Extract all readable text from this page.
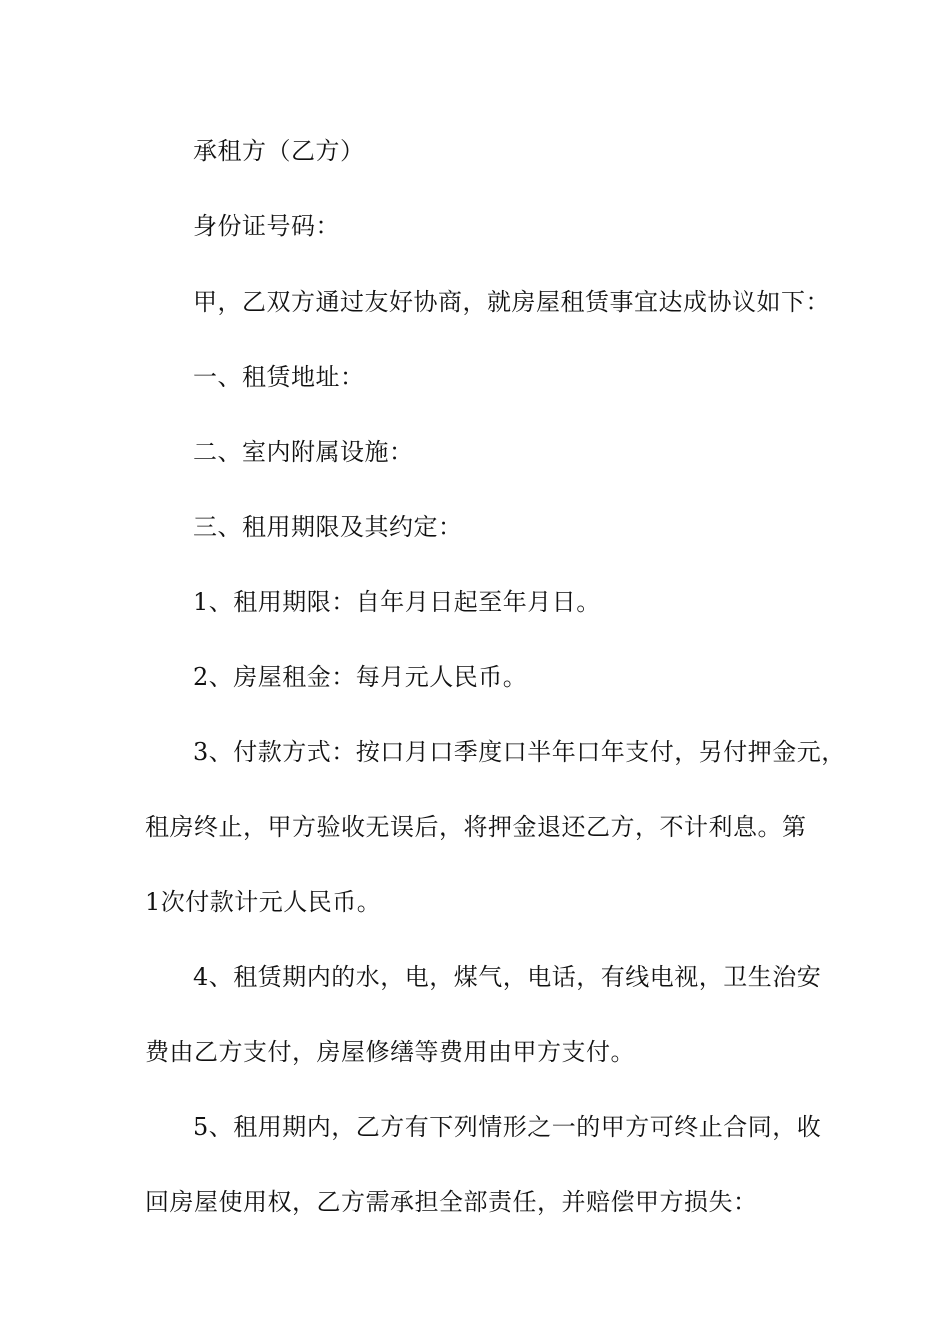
承租方（乙方）
身份证号码：
甲，乙双方通过友好协商，就房屋租赁事宜达成协议如下：
一、租赁地址：
二、室内附属设施：
三、租用期限及其约定：
1、租用期限：自年月日起至年月日。
2、房屋租金：每月元人民币。
3、付款方式：按口月口季度口半年口年支付，另付押金元，
租房终止，甲方验收无误后，将押金退还乙方，不计利息。第
1次付款计元人民币。
4、租赁期内的水，电，煤气，电话，有线电视，卫生治安
费由乙方支付，房屋修缮等费用由甲方支付。
5、租用期内，乙方有下列情形之一的甲方可终止合同，收
回房屋使用权，乙方需承担全部责任，并赔偿甲方损失：
